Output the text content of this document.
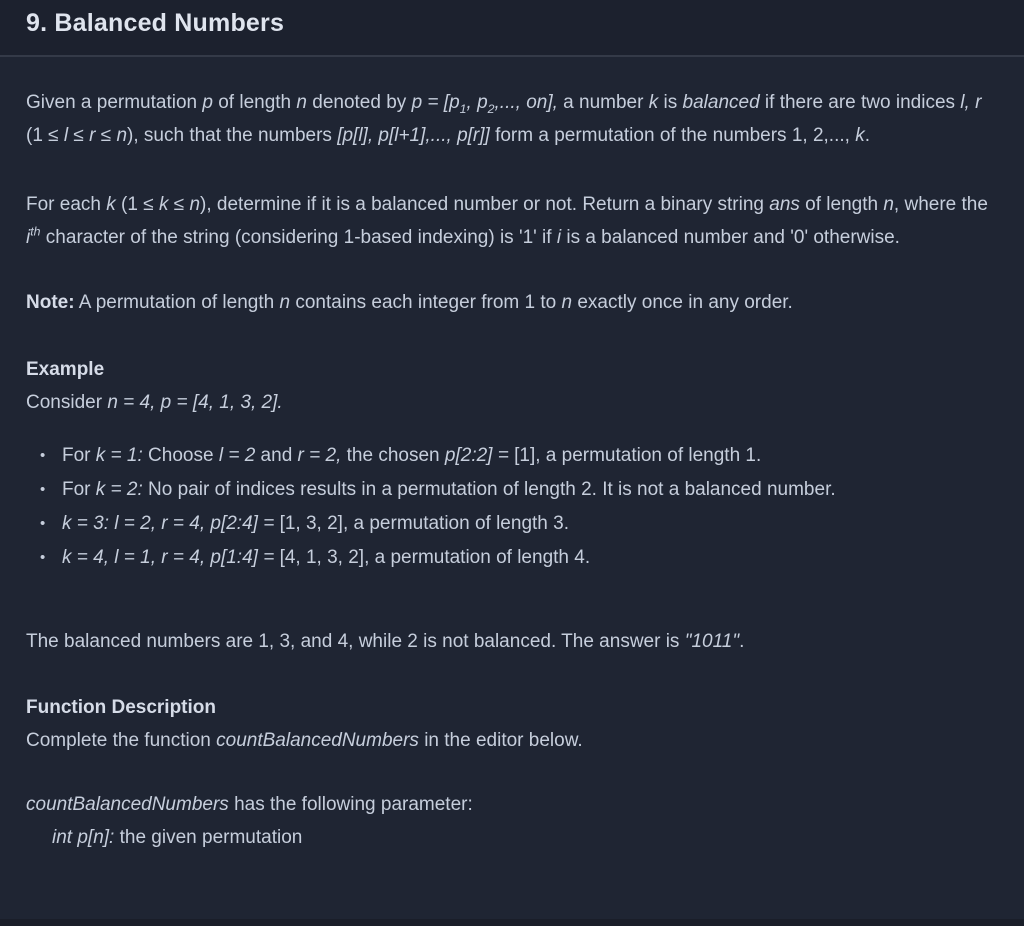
9. Balanced Numbers

Given a permutation p of length n denoted by $p = [p_1$, $p_2$,..., on], a number k is balanced if there are two indices l, r (1 ≤ l ≤ r ≤ n), such that the numbers [p[l], p[l+1],..., p[r]] form a permutation of the numbers 1, 2,..., k.

For each k (1 ≤ k ≤ n), determine if it is a balanced number or not. Return a binary string ans of length n, where the $i^{th}$ character of the string (considering 1-based indexing) is '1' if i is a balanced number and '0' otherwise.

Note: A permutation of length n contains each integer from 1 to n exactly once in any order.

Example

Consider n = 4, p = [4, 1, 3, 2].

• For k = 1: Choose l = 2 and r = 2, the chosen p[2:2] = [1], a permutation of length 1.
• For k = 2: No pair of indices results in a permutation of length 2. It is not a balanced number.
• k = 3: l = 2, r = 4, p[2:4] = [1, 3, 2], a permutation of length 3.
• k = 4, l = 1, r = 4, p[1:4] = [4, 1, 3, 2], a permutation of length 4.

The balanced numbers are 1, 3, and 4, while 2 is not balanced. The answer is "1011".

Function Description

Complete the function countBalancedNumbers in the editor below.

countBalancedNumbers has the following parameter:

int p[n]: the given permutation
